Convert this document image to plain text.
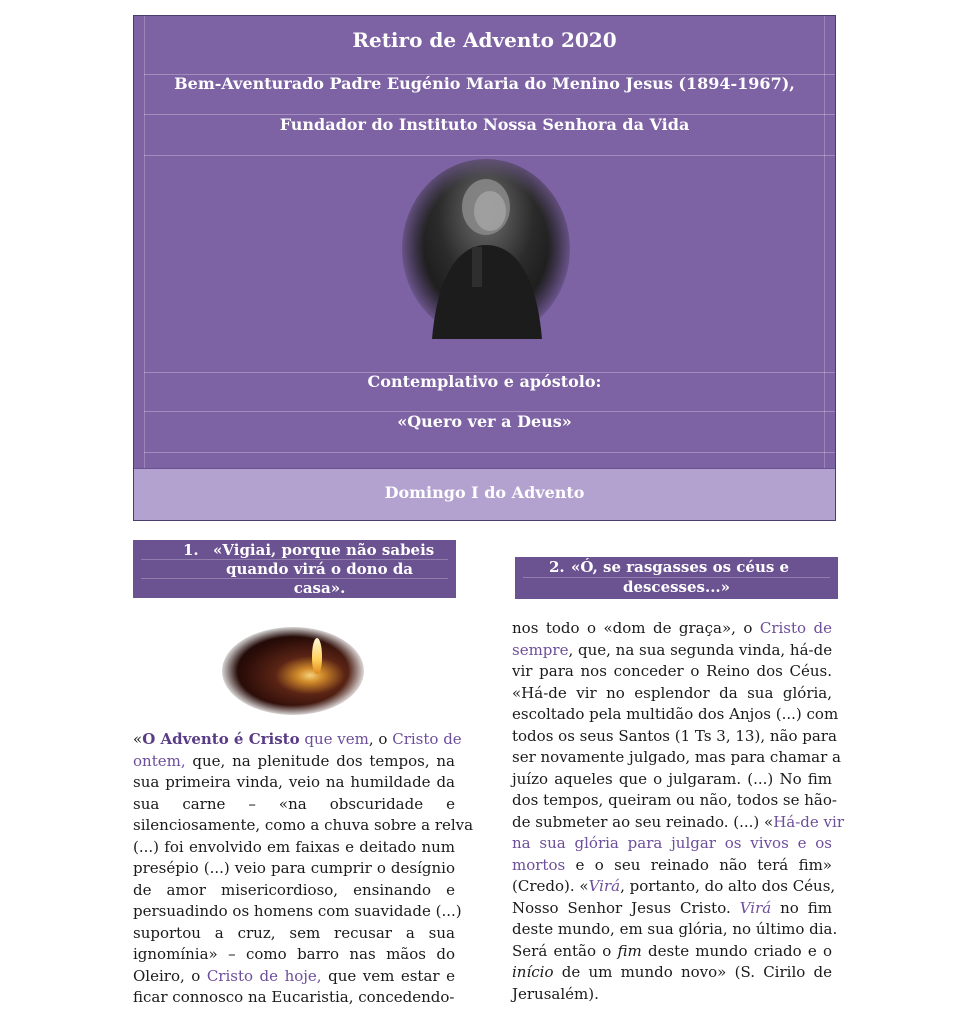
Retiro de Advento 2020
Bem-Aventurado Padre Eugénio Maria do Menino Jesus (1894-1967),
Fundador do Instituto Nossa Senhora da Vida
Contemplativo e apóstolo:
«Quero ver a Deus»
Domingo I do Advento
1. «Vigiai, porque não sabeis
quando virá o dono da
casa».
2. «Ó, se rasgasses os céus e
descesses...»
«O Advento é Cristo que vem, o Cristo de
ontem, que, na plenitude dos tempos, na
sua primeira vinda, veio na humildade da
sua carne – «na obscuridade e
silenciosamente, como a chuva sobre a relva
(...) foi envolvido em faixas e deitado num
presépio (...) veio para cumprir o desígnio
de amor misericordioso, ensinando e
persuadindo os homens com suavidade (...)
suportou a cruz, sem recusar a sua
ignomínia» – como barro nas mãos do
Oleiro, o Cristo de hoje, que vem estar e
ficar connosco na Eucaristia, concedendo-
nos todo o «dom de graça», o Cristo de
sempre, que, na sua segunda vinda, há-de
vir para nos conceder o Reino dos Céus.
«Há-de vir no esplendor da sua glória,
escoltado pela multidão dos Anjos (...) com
todos os seus Santos (1 Ts 3, 13), não para
ser novamente julgado, mas para chamar a
juízo aqueles que o julgaram. (...) No fim
dos tempos, queiram ou não, todos se hão-
de submeter ao seu reinado. (...) «Há-de vir
na sua glória para julgar os vivos e os
mortos e o seu reinado não terá fim»
(Credo). «Virá, portanto, do alto dos Céus,
Nosso Senhor Jesus Cristo. Virá no fim
deste mundo, em sua glória, no último dia.
Será então o fim deste mundo criado e o
início de um mundo novo» (S. Cirilo de
Jerusalém).
